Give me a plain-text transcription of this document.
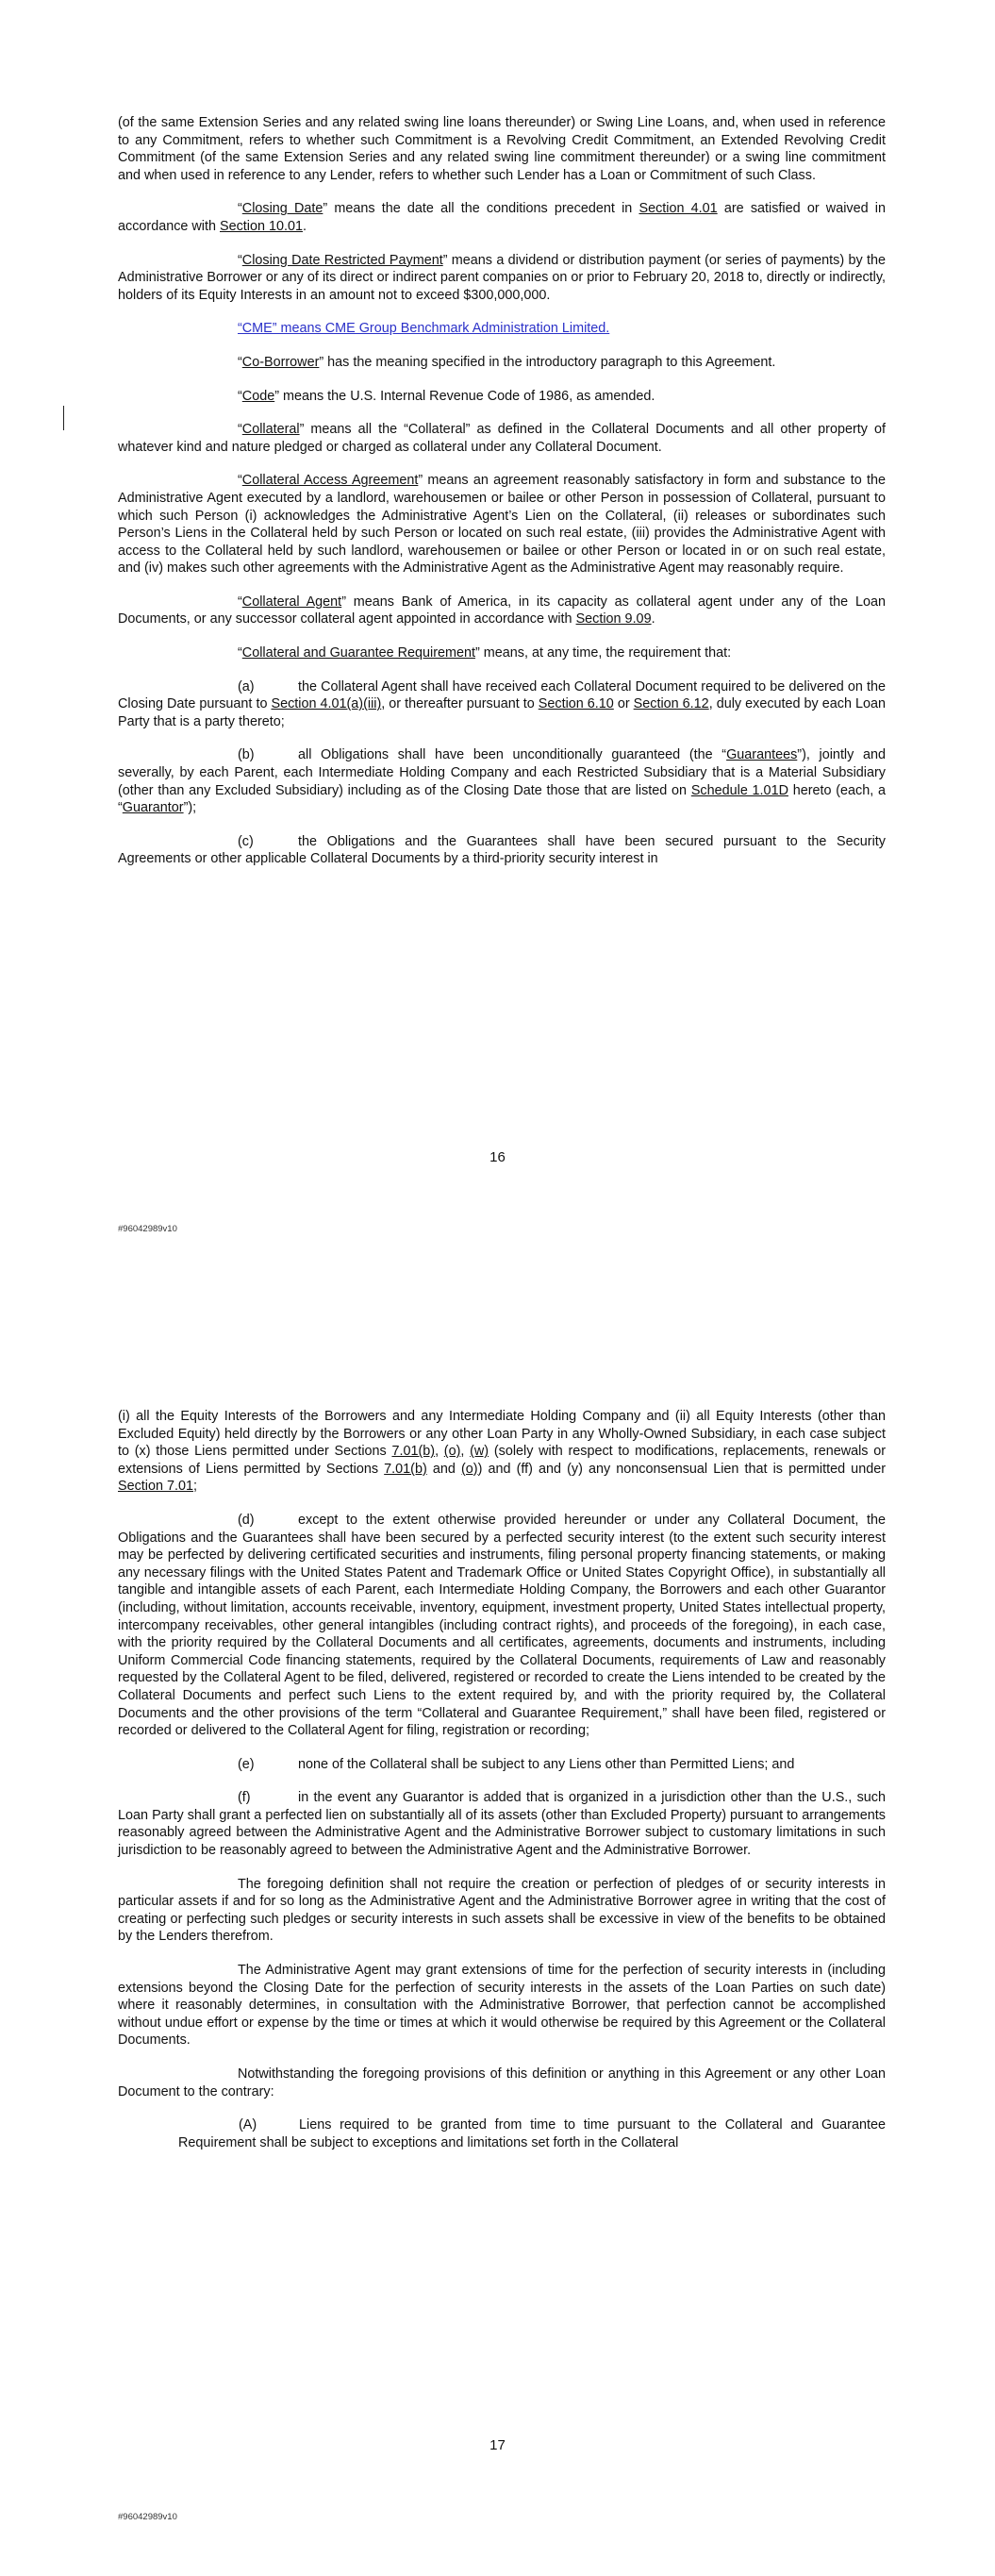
(of the same Extension Series and any related swing line loans thereunder) or Swing Line Loans, and, when used in reference to any Commitment, refers to whether such Commitment is a Revolving Credit Commitment, an Extended Revolving Credit Commitment (of the same Extension Series and any related swing line commitment thereunder) or a swing line commitment and when used in reference to any Lender, refers to whether such Lender has a Loan or Commitment of such Class.

“Closing Date” means the date all the conditions precedent in Section 4.01 are satisfied or waived in accordance with Section 10.01.

“Closing Date Restricted Payment” means a dividend or distribution payment (or series of payments) by the Administrative Borrower or any of its direct or indirect parent companies on or prior to February 20, 2018 to, directly or indirectly, holders of its Equity Interests in an amount not to exceed $300,000,000.

“CME” means CME Group Benchmark Administration Limited.

“Co-Borrower” has the meaning specified in the introductory paragraph to this Agreement.

“Code” means the U.S. Internal Revenue Code of 1986, as amended.

“Collateral” means all the “Collateral” as defined in the Collateral Documents and all other property of whatever kind and nature pledged or charged as collateral under any Collateral Document.

“Collateral Access Agreement” means an agreement reasonably satisfactory in form and substance to the Administrative Agent executed by a landlord, warehousemen or bailee or other Person in possession of Collateral, pursuant to which such Person (i) acknowledges the Administrative Agent’s Lien on the Collateral, (ii) releases or subordinates such Person’s Liens in the Collateral held by such Person or located on such real estate, (iii) provides the Administrative Agent with access to the Collateral held by such landlord, warehousemen or bailee or other Person or located in or on such real estate, and (iv) makes such other agreements with the Administrative Agent as the Administrative Agent may reasonably require.

“Collateral Agent” means Bank of America, in its capacity as collateral agent under any of the Loan Documents, or any successor collateral agent appointed in accordance with Section 9.09.

“Collateral and Guarantee Requirement” means, at any time, the requirement that:

(a)	the Collateral Agent shall have received each Collateral Document required to be delivered on the Closing Date pursuant to Section 4.01(a)(iii), or thereafter pursuant to Section 6.10 or Section 6.12, duly executed by each Loan Party that is a party thereto;

(b)	all Obligations shall have been unconditionally guaranteed (the “Guarantees”), jointly and severally, by each Parent, each Intermediate Holding Company and each Restricted Subsidiary that is a Material Subsidiary (other than any Excluded Subsidiary) including as of the Closing Date those that are listed on Schedule 1.01D hereto (each, a “Guarantor”);

(c)	the Obligations and the Guarantees shall have been secured pursuant to the Security Agreements or other applicable Collateral Documents by a third-priority security interest in

16
#96042989v10

(i) all the Equity Interests of the Borrowers and any Intermediate Holding Company and (ii) all Equity Interests (other than Excluded Equity) held directly by the Borrowers or any other Loan Party in any Wholly-Owned Subsidiary, in each case subject to (x) those Liens permitted under Sections 7.01(b), (o), (w) (solely with respect to modifications, replacements, renewals or extensions of Liens permitted by Sections 7.01(b) and (o)) and (ff) and (y) any nonconsensual Lien that is permitted under Section 7.01;

(d)	except to the extent otherwise provided hereunder or under any Collateral Document, the Obligations and the Guarantees shall have been secured by a perfected security interest (to the extent such security interest may be perfected by delivering certificated securities and instruments, filing personal property financing statements, or making any necessary filings with the United States Patent and Trademark Office or United States Copyright Office), in substantially all tangible and intangible assets of each Parent, each Intermediate Holding Company, the Borrowers and each other Guarantor (including, without limitation, accounts receivable, inventory, equipment, investment property, United States intellectual property, intercompany receivables, other general intangibles (including contract rights), and proceeds of the foregoing), in each case, with the priority required by the Collateral Documents and all certificates, agreements, documents and instruments, including Uniform Commercial Code financing statements, required by the Collateral Documents, requirements of Law and reasonably requested by the Collateral Agent to be filed, delivered, registered or recorded to create the Liens intended to be created by the Collateral Documents and perfect such Liens to the extent required by, and with the priority required by, the Collateral Documents and the other provisions of the term “Collateral and Guarantee Requirement,” shall have been filed, registered or recorded or delivered to the Collateral Agent for filing, registration or recording;

(e)	none of the Collateral shall be subject to any Liens other than Permitted Liens; and

(f)	in the event any Guarantor is added that is organized in a jurisdiction other than the U.S., such Loan Party shall grant a perfected lien on substantially all of its assets (other than Excluded Property) pursuant to arrangements reasonably agreed between the Administrative Agent and the Administrative Borrower subject to customary limitations in such jurisdiction to be reasonably agreed to between the Administrative Agent and the Administrative Borrower.

The foregoing definition shall not require the creation or perfection of pledges of or security interests in particular assets if and for so long as the Administrative Agent and the Administrative Borrower agree in writing that the cost of creating or perfecting such pledges or security interests in such assets shall be excessive in view of the benefits to be obtained by the Lenders therefrom.

The Administrative Agent may grant extensions of time for the perfection of security interests in (including extensions beyond the Closing Date for the perfection of security interests in the assets of the Loan Parties on such date) where it reasonably determines, in consultation with the Administrative Borrower, that perfection cannot be accomplished without undue effort or expense by the time or times at which it would otherwise be required by this Agreement or the Collateral Documents.

Notwithstanding the foregoing provisions of this definition or anything in this Agreement or any other Loan Document to the contrary:

(A)	Liens required to be granted from time to time pursuant to the Collateral and Guarantee Requirement shall be subject to exceptions and limitations set forth in the Collateral

17
#96042989v10
